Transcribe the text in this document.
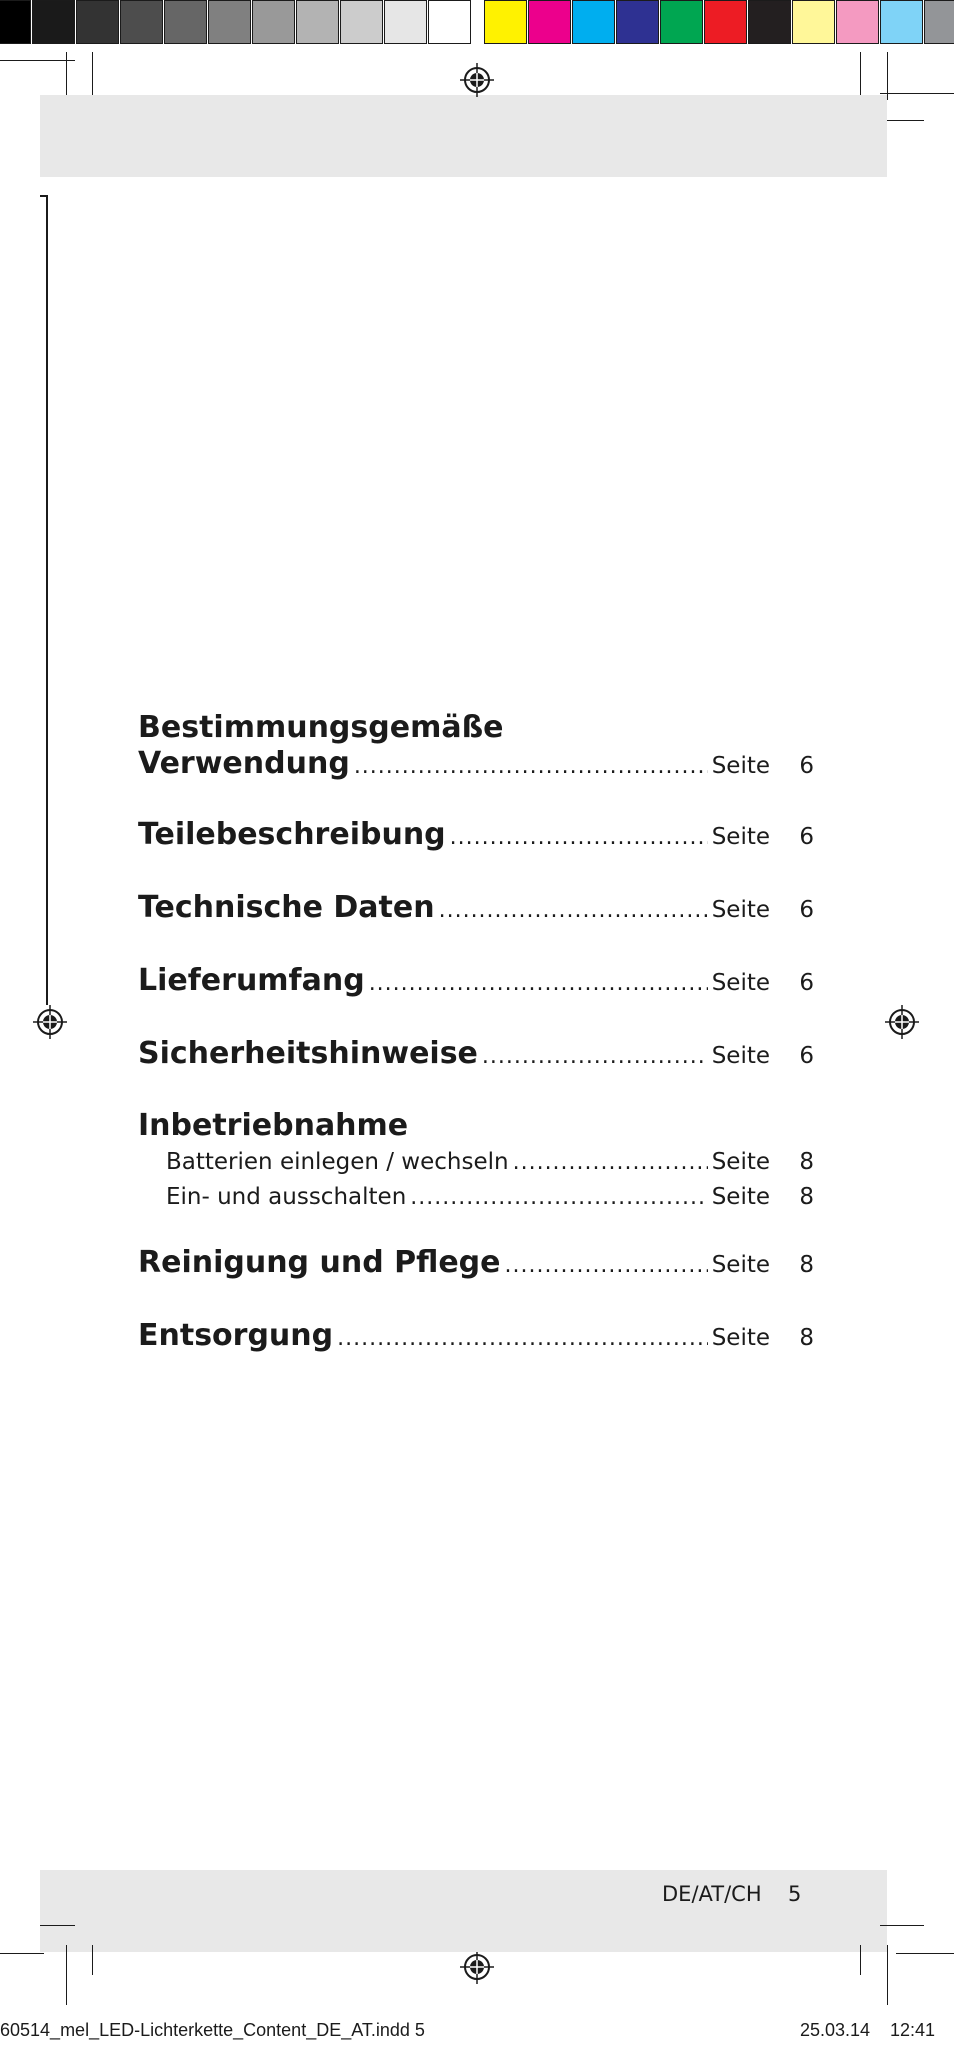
Bestimmungsgemäße
Verwendung .....	Seite	6
Teilebeschreibung .....	Seite	6
Technische Daten .....	Seite	6
Lieferumfang .....	Seite	6
Sicherheitshinweise .....	Seite	6
Inbetriebnahme
Batterien einlegen / wechseln .....	Seite	8
Ein- und ausschalten .....	Seite	8
Reinigung und Pflege .....	Seite	8
Entsorgung .....	Seite	8
DE/AT/CH 5
60514_mel_LED-Lichterkette_Content_DE_AT.indd 5	25.03.14 12:41
